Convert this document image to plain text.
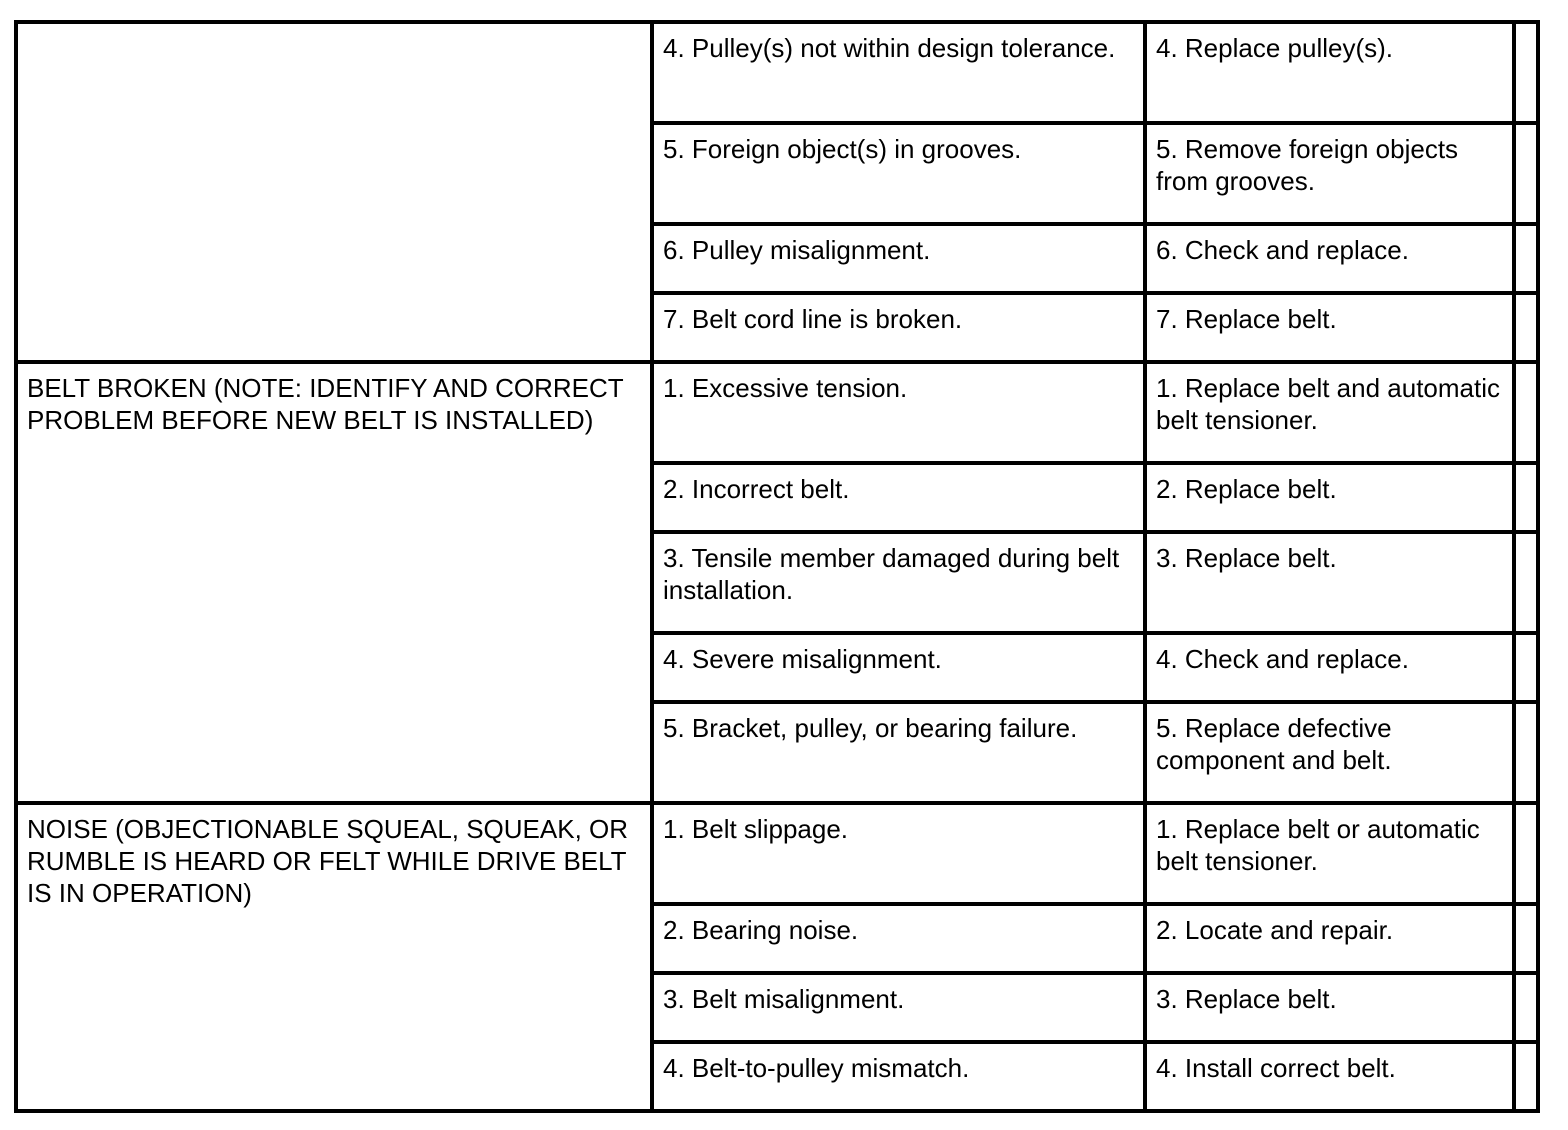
	4. Pulley(s) not within design tolerance.	4. Replace pulley(s).	
	5. Foreign object(s) in grooves.	5. Remove foreign objects from grooves.	
	6. Pulley misalignment.	6. Check and replace.	
	7. Belt cord line is broken.	7. Replace belt.	
BELT BROKEN (NOTE: IDENTIFY AND CORRECT PROBLEM BEFORE NEW BELT IS INSTALLED)	1. Excessive tension.	1. Replace belt and automatic belt tensioner.	
	2. Incorrect belt.	2. Replace belt.	
	3. Tensile member damaged during belt installation.	3. Replace belt.	
	4. Severe misalignment.	4. Check and replace.	
	5. Bracket, pulley, or bearing failure.	5. Replace defective component and belt.	
NOISE (OBJECTIONABLE SQUEAL, SQUEAK, OR RUMBLE IS HEARD OR FELT WHILE DRIVE BELT IS IN OPERATION)	1. Belt slippage.	1. Replace belt or automatic belt tensioner.	
	2. Bearing noise.	2. Locate and repair.	
	3. Belt misalignment.	3. Replace belt.	
	4. Belt-to-pulley mismatch.	4. Install correct belt.	
